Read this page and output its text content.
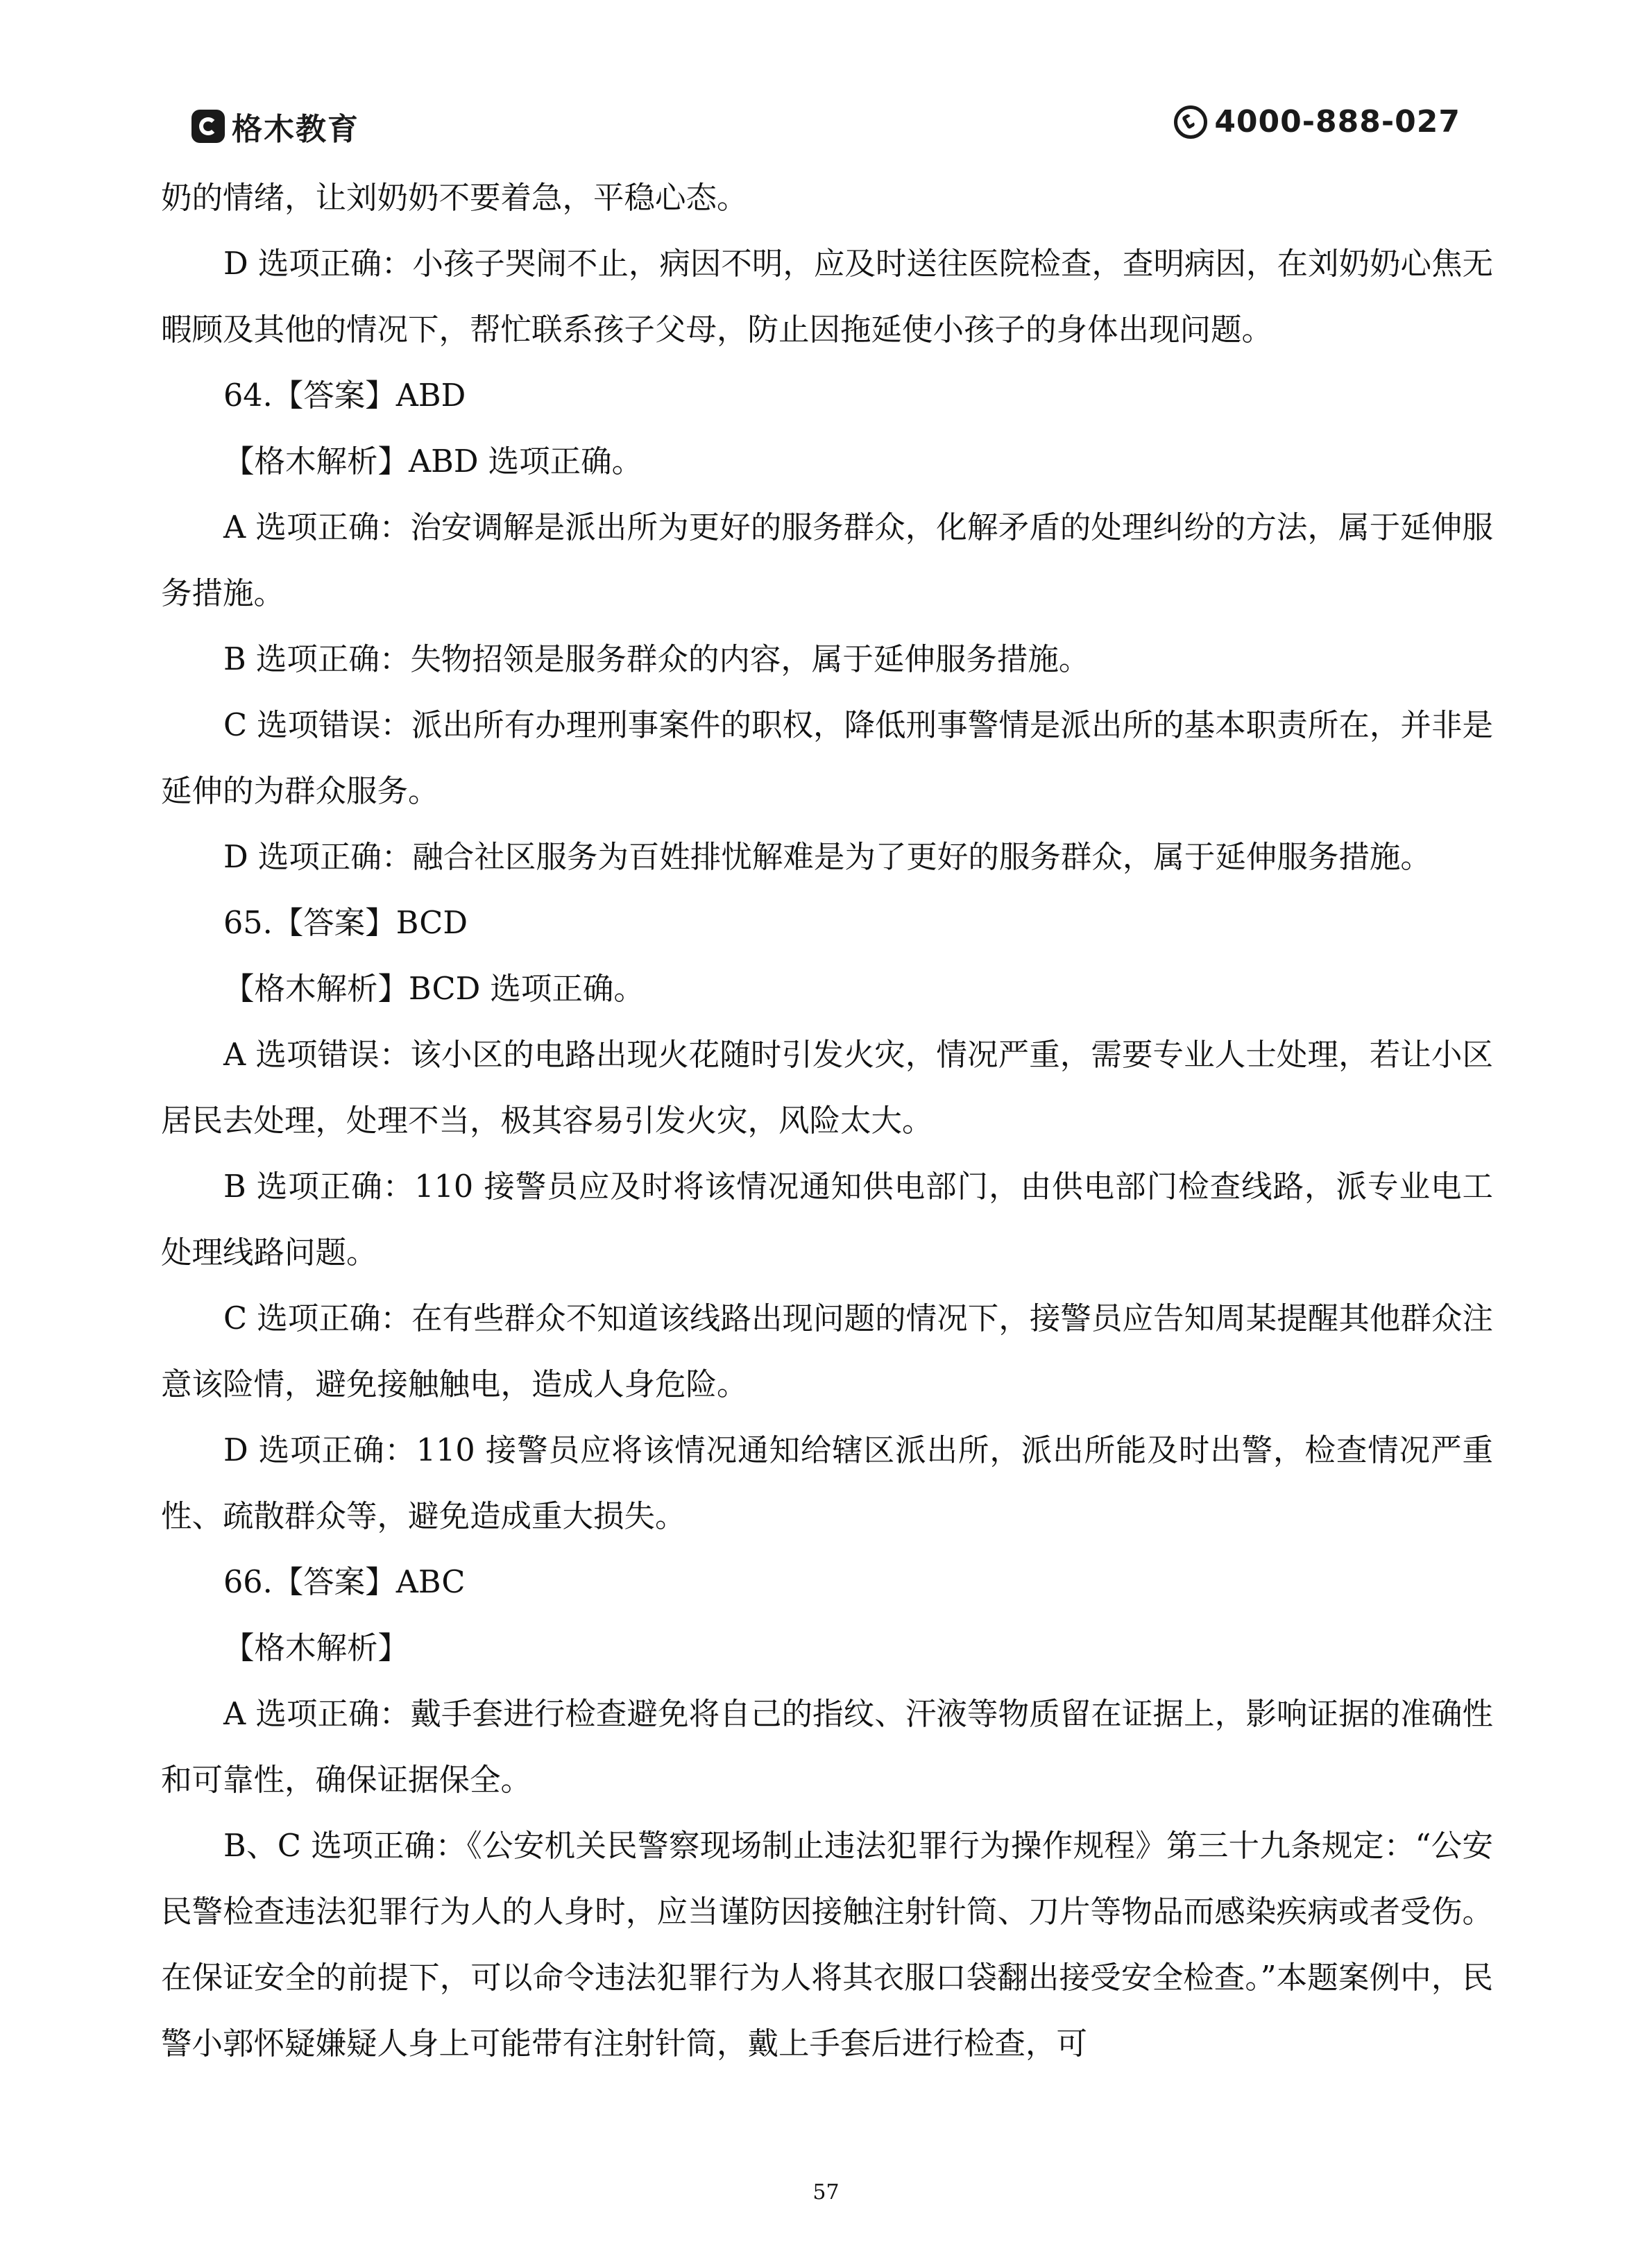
格木教育	4000-888-027

奶的情绪，让刘奶奶不要着急，平稳心态。

D 选项正确：小孩子哭闹不止，病因不明，应及时送往医院检查，查明病因，在刘奶奶心焦无暇顾及其他的情况下，帮忙联系孩子父母，防止因拖延使小孩子的身体出现问题。

64.【答案】ABD

【格木解析】ABD 选项正确。

A 选项正确：治安调解是派出所为更好的服务群众，化解矛盾的处理纠纷的方法，属于延伸服务措施。

B 选项正确：失物招领是服务群众的内容，属于延伸服务措施。

C 选项错误：派出所有办理刑事案件的职权，降低刑事警情是派出所的基本职责所在，并非是延伸的为群众服务。

D 选项正确：融合社区服务为百姓排忧解难是为了更好的服务群众，属于延伸服务措施。

65.【答案】BCD

【格木解析】BCD 选项正确。

A 选项错误：该小区的电路出现火花随时引发火灾，情况严重，需要专业人士处理，若让小区居民去处理，处理不当，极其容易引发火灾，风险太大。

B 选项正确：110 接警员应及时将该情况通知供电部门，由供电部门检查线路，派专业电工处理线路问题。

C 选项正确：在有些群众不知道该线路出现问题的情况下，接警员应告知周某提醒其他群众注意该险情，避免接触触电，造成人身危险。

D 选项正确：110 接警员应将该情况通知给辖区派出所，派出所能及时出警，检查情况严重性、疏散群众等，避免造成重大损失。

66.【答案】ABC

【格木解析】

A 选项正确：戴手套进行检查避免将自己的指纹、汗液等物质留在证据上，影响证据的准确性和可靠性，确保证据保全。

B、C 选项正确：《公安机关民警察现场制止违法犯罪行为操作规程》第三十九条规定：“公安民警检查违法犯罪行为人的人身时，应当谨防因接触注射针筒、刀片等物品而感染疾病或者受伤。在保证安全的前提下，可以命令违法犯罪行为人将其衣服口袋翻出接受安全检查。”本题案例中，民警小郭怀疑嫌疑人身上可能带有注射针筒，戴上手套后进行检查，可

57
